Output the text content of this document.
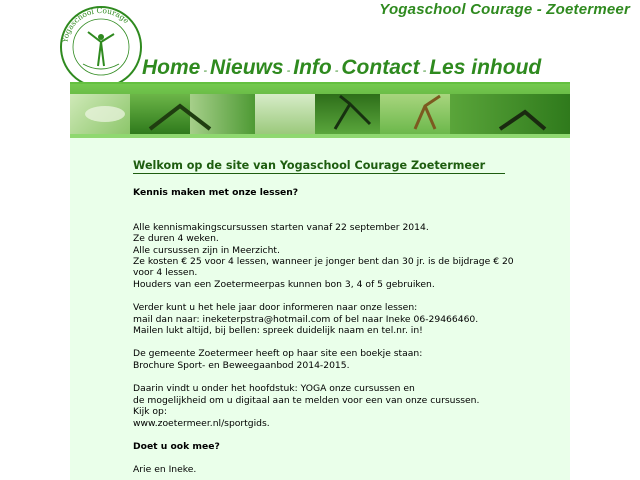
Yogaschool Courage
Yogaschool Courage - Zoetermeer
Home - Nieuws - Info - Contact - Les inhoud
Welkom op de site van Yogaschool Courage Zoetermeer
Kennis maken met onze lessen?
Alle kennismakingscursussen starten vanaf 22 september 2014.
Ze duren 4 weken.
Alle cursussen zijn in Meerzicht.
Ze kosten € 25 voor 4 lessen, wanneer je jonger bent dan 30 jr. is de bijdrage € 20
voor 4 lessen.
Houders van een Zoetermeerpas kunnen bon 3, 4 of 5 gebruiken.
Verder kunt u het hele jaar door informeren naar onze lessen:
mail dan naar: ineketerpstra@hotmail.com of bel naar Ineke 06-29466460.
Mailen lukt altijd, bij bellen: spreek duidelijk naam en tel.nr. in!
De gemeente Zoetermeer heeft op haar site een boekje staan:
Brochure Sport- en Beweegaanbod 2014-2015.
Daarin vindt u onder het hoofdstuk: YOGA onze cursussen en
de mogelijkheid om u digitaal aan te melden voor een van onze cursussen.
Kijk op:
www.zoetermeer.nl/sportgids.
Doet u ook mee?
Arie en Ineke.
